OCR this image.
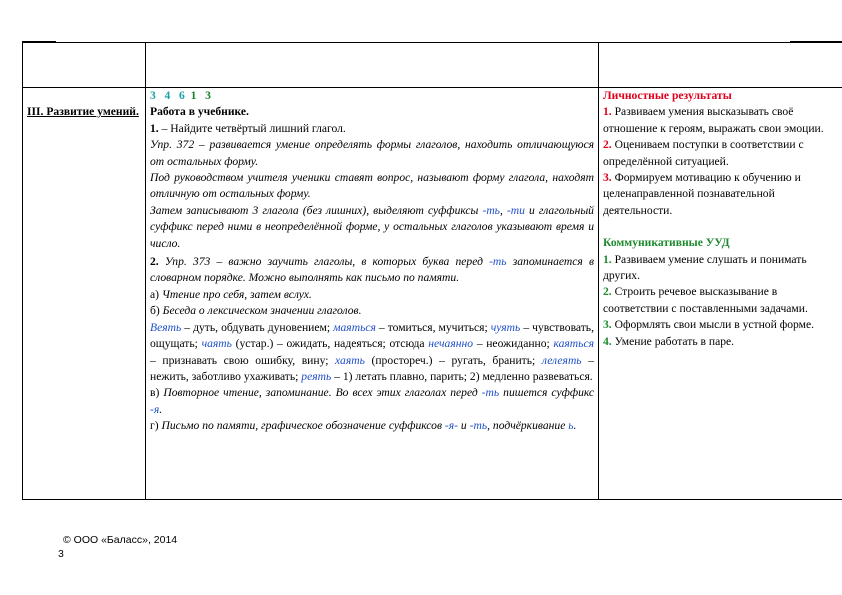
III. Развитие умений.

3 4 6 1 3

Работа в учебнике.

1. – Найдите четвёртый лишний глагол.

Упр. 372 – развивается умение определять формы глаголов, находить отличающуюся от остальных форму.

Под руководством учителя ученики ставят вопрос, называют форму глагола, находят отличную от остальных форму.

Затем записывают 3 глагола (без лишних), выделяют суффиксы -ть, -ти и глагольный суффикс перед ними в неопределённой форме, у остальных глаголов указывают время и число.

2. Упр. 373 – важно заучить глаголы, в которых буква перед -ть запоминается в словарном порядке. Можно выполнять как письмо по памяти.

а) Чтение про себя, затем вслух.

б) Беседа о лексическом значении глаголов.

Веять – дуть, обдувать дуновением; маяться – томиться, мучиться; чуять – чувствовать, ощущать; чаять (устар.) – ожидать, надеяться; отсюда нечаянно – неожиданно; каяться – признавать свою ошибку, вину; хаять (простореч.) – ругать, бранить; лелеять – нежить, заботливо ухаживать; реять – 1) летать плавно, парить; 2) медленно развеваться.

в) Повторное чтение, запоминание. Во всех этих глаголах перед -ть пишется суффикс -я.

г) Письмо по памяти, графическое обозначение суффиксов -я- и -ть, подчёркивание ь.

Личностные результаты

1. Развиваем умения высказывать своё отношение к героям, выражать свои эмоции.

2. Оцениваем поступки в соответствии с определённой ситуацией.

3. Формируем мотивацию к обучению и целенаправленной познавательной деятельности.

Коммуникативные УУД

1. Развиваем умение слушать и понимать других.

2. Строить речевое высказывание в соответствии с поставленными задачами.

3. Оформлять свои мысли в устной форме.

4. Умение работать в паре.

© ООО «Баласс», 2014
3
